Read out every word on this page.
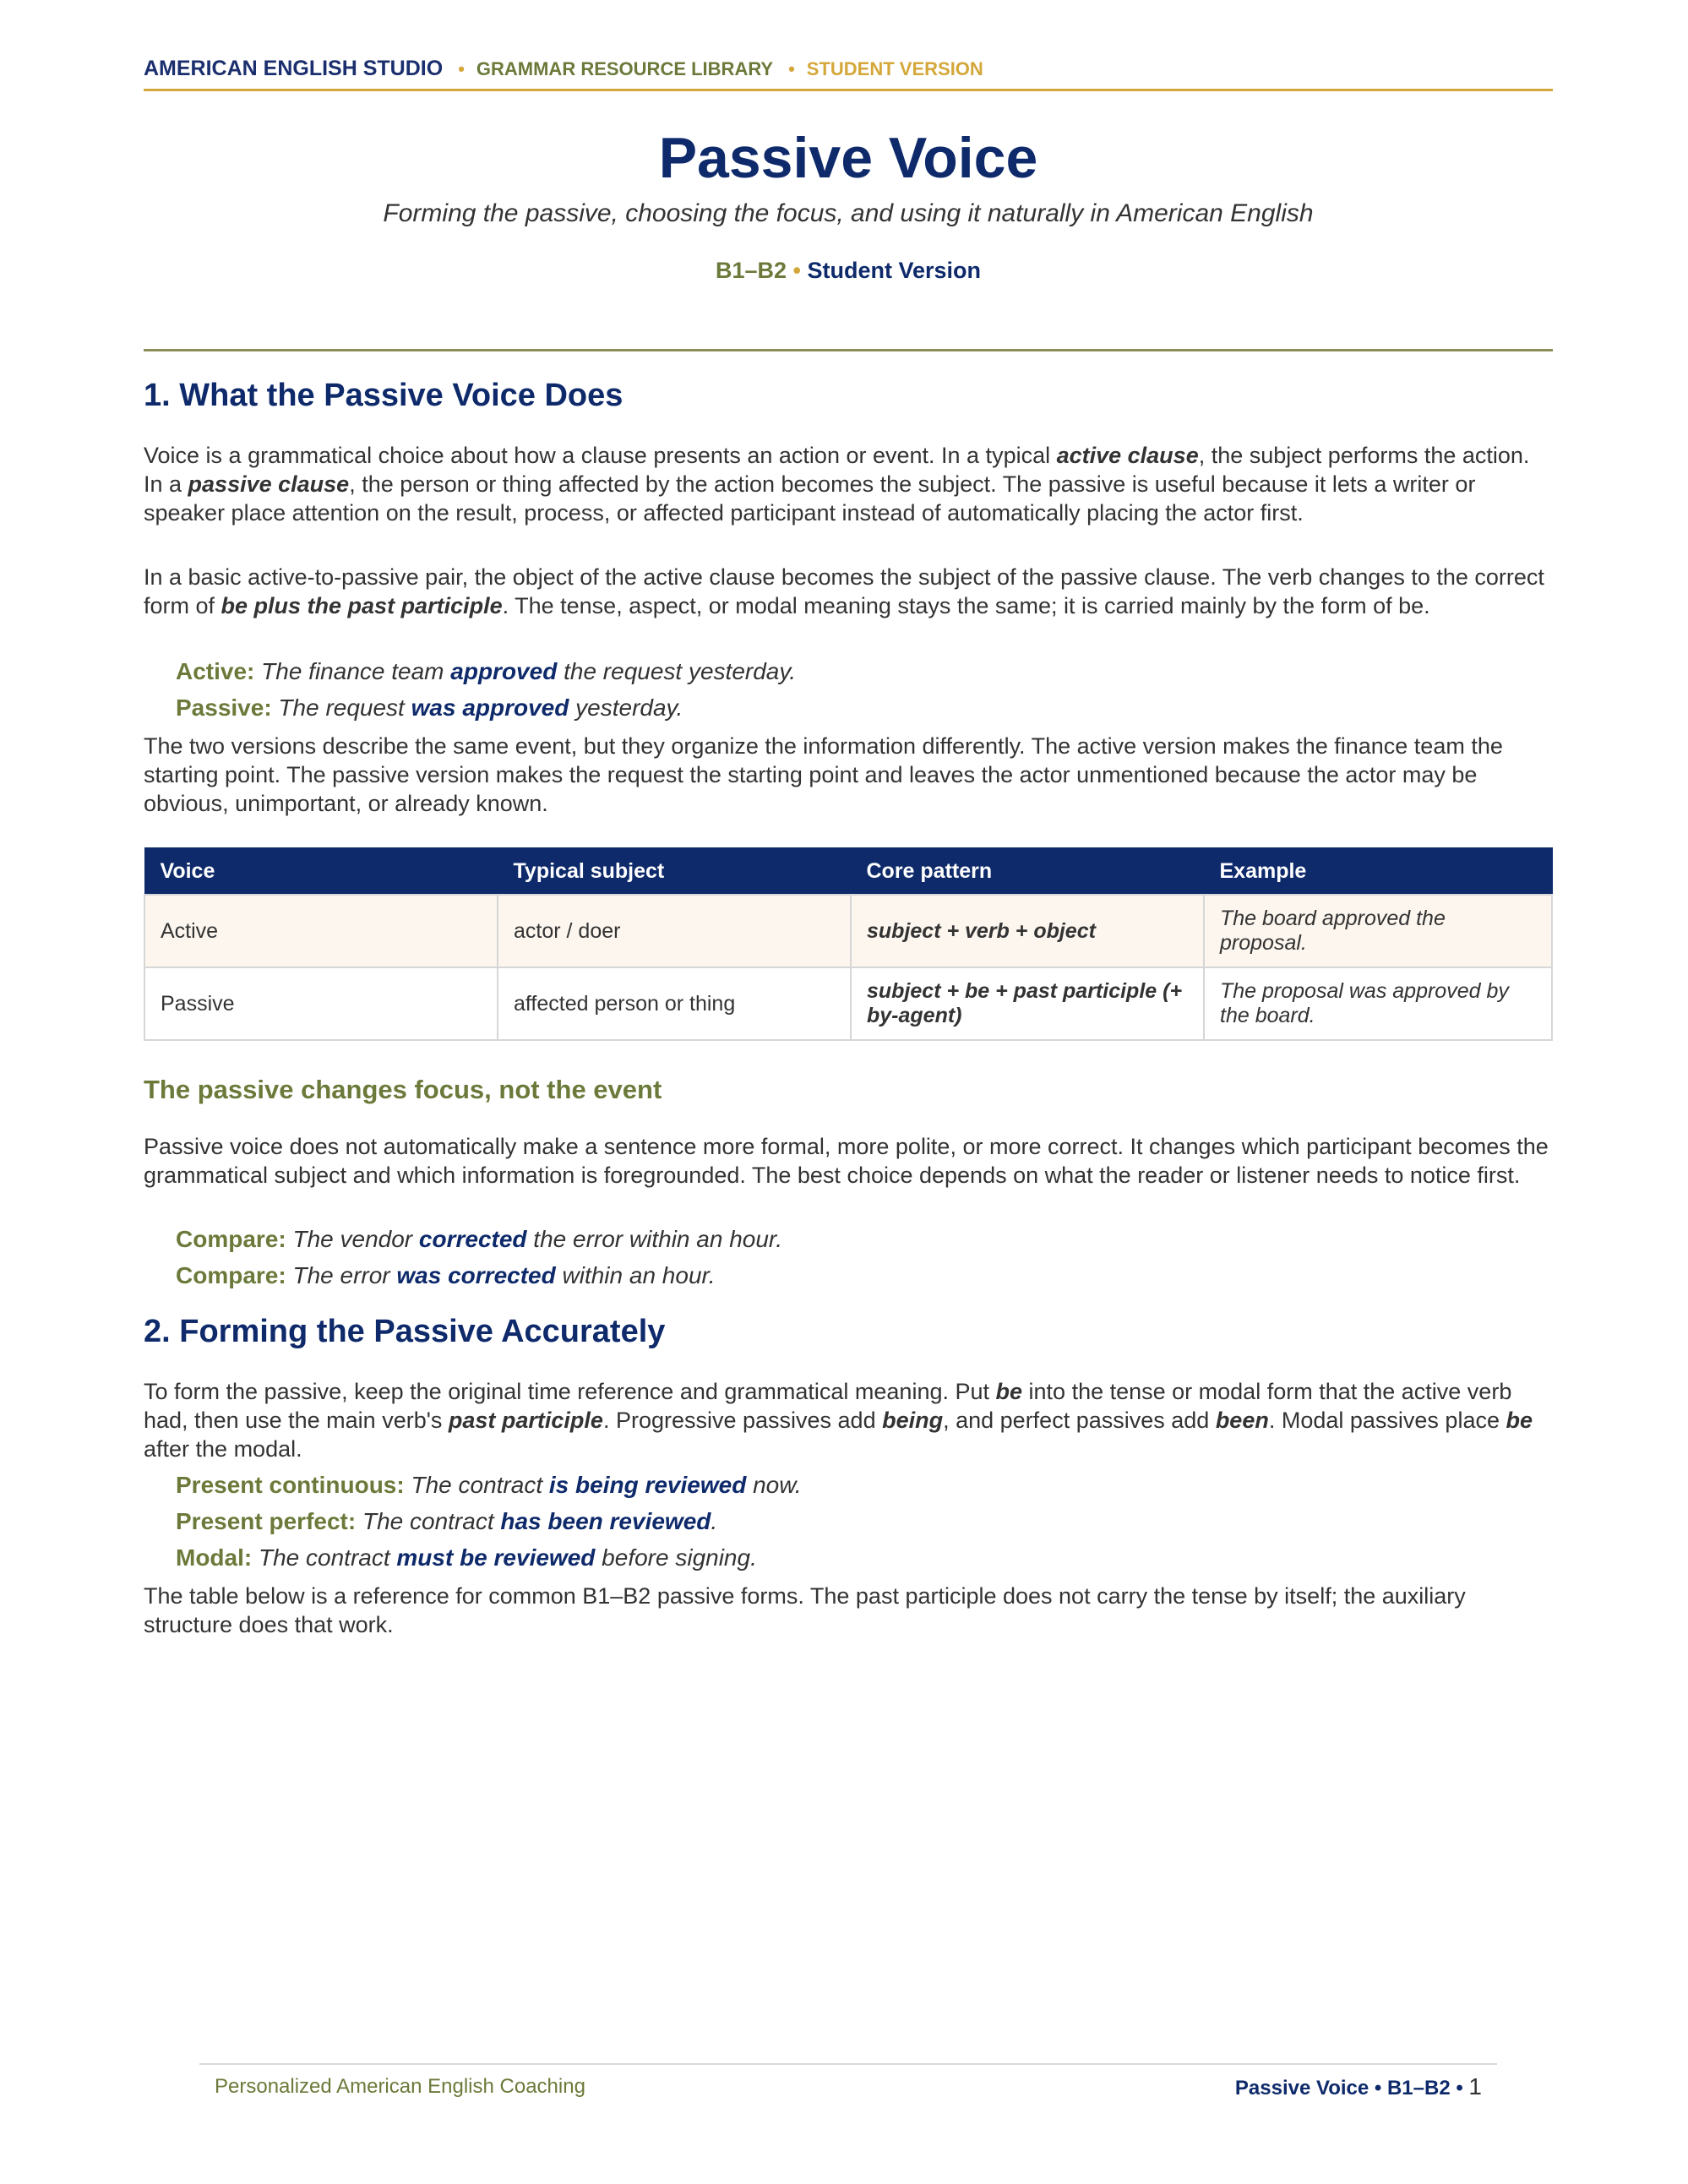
AMERICAN ENGLISH STUDIO • GRAMMAR RESOURCE LIBRARY • STUDENT VERSION
Passive Voice
Forming the passive, choosing the focus, and using it naturally in American English
B1–B2 • Student Version
1. What the Passive Voice Does

Voice is a grammatical choice about how a clause presents an action or event. In a typical active clause, the subject performs the action. In a passive clause, the person or thing affected by the action becomes the subject. The passive is useful because it lets a writer or speaker place attention on the result, process, or affected participant instead of automatically placing the actor first.

In a basic active-to-passive pair, the object of the active clause becomes the subject of the passive clause. The verb changes to the correct form of be plus the past participle. The tense, aspect, or modal meaning stays the same; it is carried mainly by the form of be.

Active: The finance team approved the request yesterday.

Passive: The request was approved yesterday.

The two versions describe the same event, but they organize the information differently. The active version makes the finance team the starting point. The passive version makes the request the starting point and leaves the actor unmentioned because the actor may be obvious, unimportant, or already known.

Voice	Typical subject	Core pattern	Example
Active	actor / doer	subject + verb + object	The board approved the proposal.
Passive	affected person or thing	subject + be + past participle (+ by-agent)	The proposal was approved by the board.
The passive changes focus, not the event

Passive voice does not automatically make a sentence more formal, more polite, or more correct. It changes which participant becomes the grammatical subject and which information is foregrounded. The best choice depends on what the reader or listener needs to notice first.

Compare: The vendor corrected the error within an hour.

Compare: The error was corrected within an hour.

2. Forming the Passive Accurately

To form the passive, keep the original time reference and grammatical meaning. Put be into the tense or modal form that the active verb had, then use the main verb's past participle. Progressive passives add being, and perfect passives add been. Modal passives place be after the modal.

Present continuous: The contract is being reviewed now.

Present perfect: The contract has been reviewed.

Modal: The contract must be reviewed before signing.

The table below is a reference for common B1–B2 passive forms. The past participle does not carry the tense by itself; the auxiliary structure does that work.

Personalized American English Coaching	Passive Voice • B1–B2 • 1
